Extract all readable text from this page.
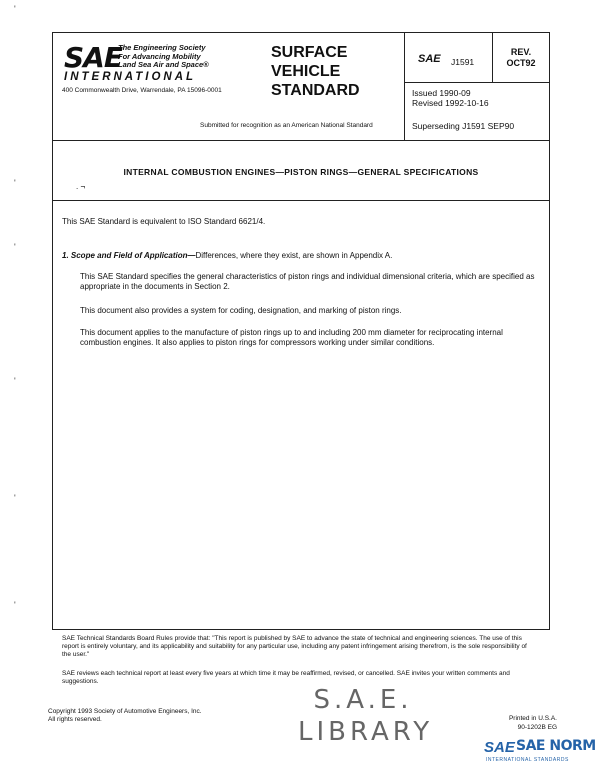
'
'
'
'
'
'
SAE
The Engineering Society
For Advancing Mobility
Land Sea Air and Space®
INTERNATIONAL
400 Commonwealth Drive, Warrendale, PA 15096-0001
SURFACE
VEHICLE
STANDARD
Submitted for recognition as an American National Standard
SAE J1591
REV.
OCT92
Issued 1990-09
Revised 1992-10-16
Superseding J1591 SEP90
INTERNAL COMBUSTION ENGINES—PISTON RINGS—GENERAL SPECIFICATIONS
. ¬
This SAE Standard is equivalent to ISO Standard 6621/4.
1. Scope and Field of Application—Differences, where they exist, are shown in Appendix A.
This SAE Standard specifies the general characteristics of piston rings and individual dimensional criteria, which are specified as appropriate in the documents in Section 2.
This document also provides a system for coding, designation, and marking of piston rings.
This document applies to the manufacture of piston rings up to and including 200 mm diameter for reciprocating internal combustion engines. It also applies to piston rings for compressors working under similar conditions.
SAE Technical Standards Board Rules provide that: "This report is published by SAE to advance the state of technical and engineering sciences. The use of this report is entirely voluntary, and its applicability and suitability for any particular use, including any patent infringement arising therefrom, is the sole responsibility of the user."
SAE reviews each technical report at least every five years at which time it may be reaffirmed, revised, or cancelled. SAE invites your written comments and suggestions.
Copyright 1993 Society of Automotive Engineers, Inc.
All rights reserved.	Printed in U.S.A.
90-1202B EG
S.A.E.
LIBRARY
SAE SAE NORM
INTERNATIONAL STANDARDS
